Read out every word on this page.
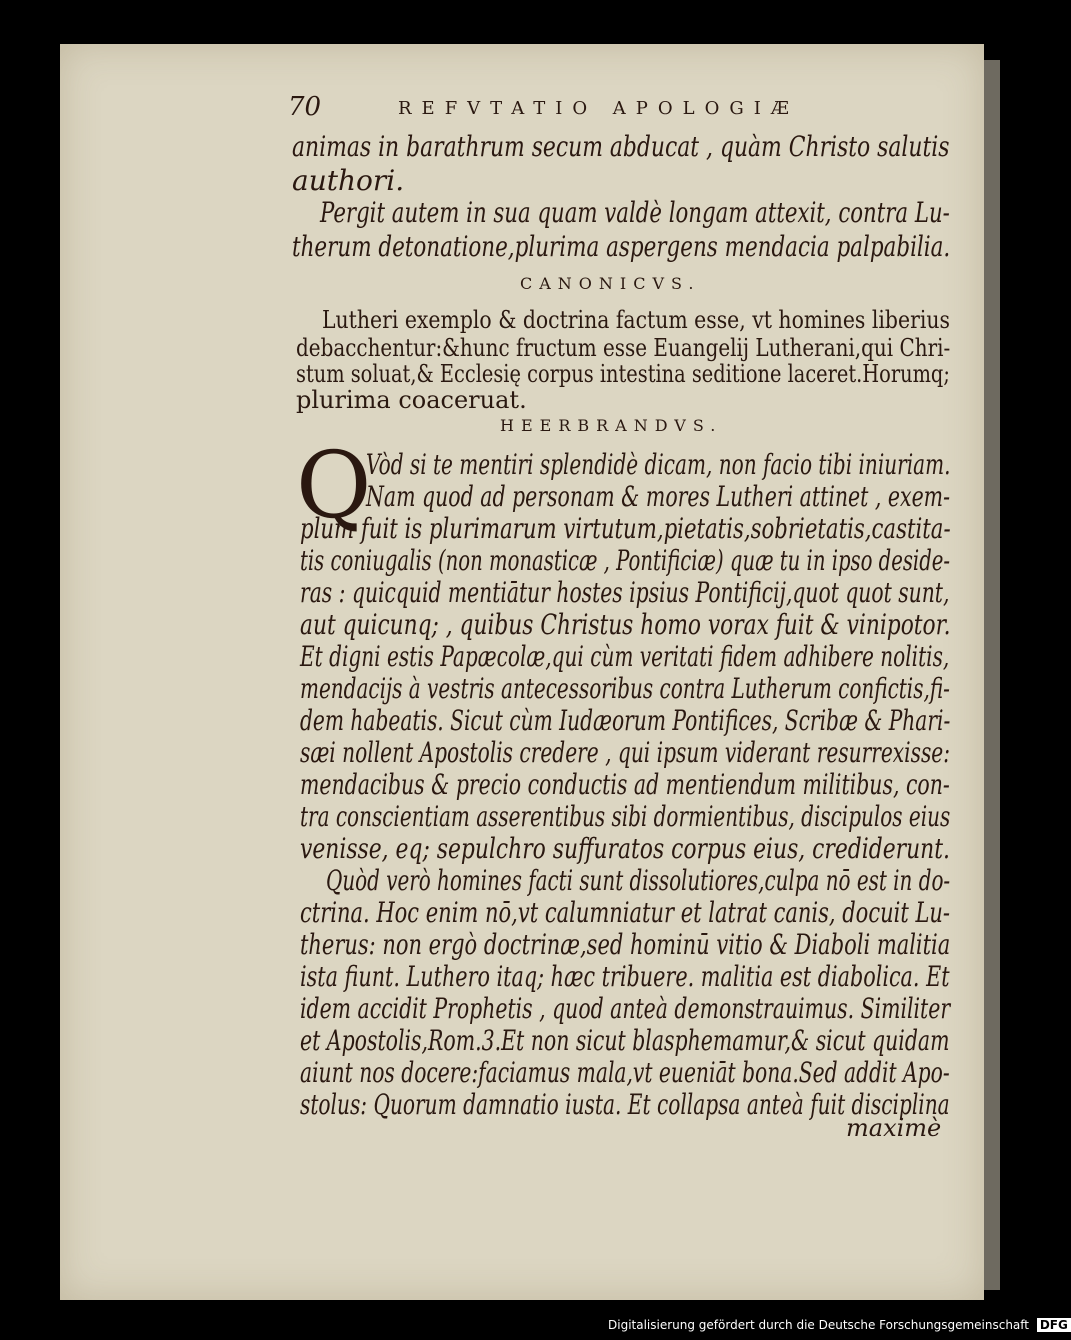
70	REFVTATIO APOLOGIÆ
animas in barathrum secum abducat , quàm Christo salutis
authori.
Pergit autem in sua quam valdè longam attexit, contra Lu-
therum detonatione,plurima aspergens mendacia palpabilia.
CANONICVS.
Lutheri exemplo & doctrina factum esse, vt homines liberius
debacchentur:&hunc fructum esse Euangelij Lutherani,qui Chri-
stum soluat,& Ecclesię corpus intestina seditione laceret.Horumq;
plurima coaceruat.
HEERBRANDVS.
Q
Vòd si te mentiri splendidè dicam, non facio tibi iniuriam.
Nam quod ad personam & mores Lutheri attinet , exem-
plum fuit is plurimarum virtutum,pietatis,sobrietatis,castita-
tis coniugalis (non monasticæ , Pontificiæ) quæ tu in ipso deside-
ras : quicquid mentiātur hostes ipsius Pontificij,quot quot sunt,
aut quicunq; , quibus Christus homo vorax fuit & vinipotor.
Et digni estis Papæcolæ,qui cùm veritati fidem adhibere nolitis,
mendacijs à vestris antecessoribus contra Lutherum confictis,fi-
dem habeatis. Sicut cùm Iudæorum Pontifices, Scribæ & Phari-
sæi nollent Apostolis credere , qui ipsum viderant resurrexisse:
mendacibus & precio conductis ad mentiendum militibus, con-
tra conscientiam asserentibus sibi dormientibus, discipulos eius
venisse, eq; sepulchro suffuratos corpus eius, crediderunt.
Quòd verò homines facti sunt dissolutiores,culpa nō est in do-
ctrina. Hoc enim nō,vt calumniatur et latrat canis, docuit Lu-
therus: non ergò doctrinæ,sed hominū vitio & Diaboli malitia
ista fiunt. Luthero itaq; hæc tribuere. malitia est diabolica. Et
idem accidit Prophetis , quod anteà demonstrauimus. Similiter
et Apostolis,Rom.3.Et non sicut blasphemamur,& sicut quidam
aiunt nos docere:faciamus mala,vt eueniāt bona.Sed addit Apo-
stolus: Quorum damnatio iusta. Et collapsa anteà fuit disciplina
maximè
Digitalisierung gefördert durch die Deutsche Forschungsgemeinschaft DFG
